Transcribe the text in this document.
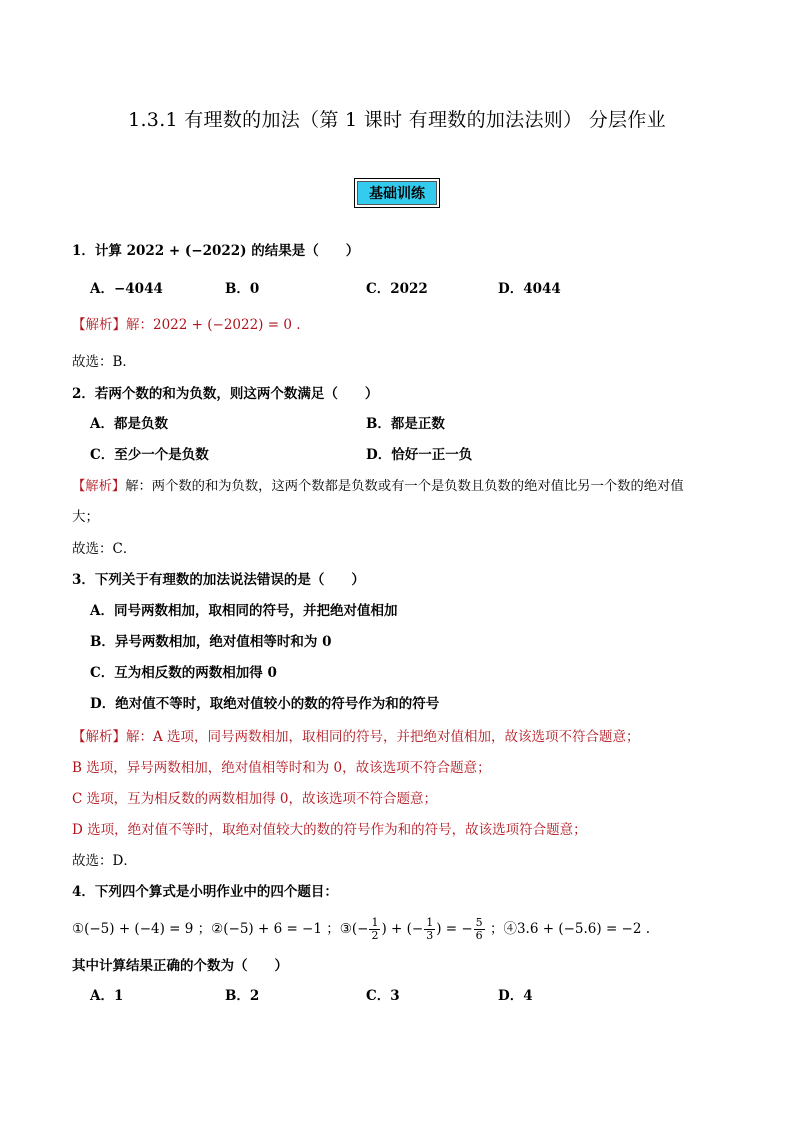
1.3.1 有理数的加法（第 1 课时 有理数的加法法则） 分层作业
基础训练
1．计算 2022 + (−2022) 的结果是（　　）
A．−4044	B．0	C．2022	D．4044
【解析】解：2022 + (−2022) = 0 .
故选：B．
2．若两个数的和为负数，则这两个数满足（　　）
A．都是负数	B．都是正数
C．至少一个是负数	D．恰好一正一负
【解析】解：两个数的和为负数，这两个数都是负数或有一个是负数且负数的绝对值比另一个数的绝对值
大；
故选：C．
3．下列关于有理数的加法说法错误的是（　　）
A．同号两数相加，取相同的符号，并把绝对值相加
B．异号两数相加，绝对值相等时和为 0
C．互为相反数的两数相加得 0
D．绝对值不等时，取绝对值较小的数的符号作为和的符号
【解析】解：A 选项，同号两数相加，取相同的符号，并把绝对值相加，故该选项不符合题意；
B 选项，异号两数相加，绝对值相等时和为 0，故该选项不符合题意；
C 选项，互为相反数的两数相加得 0，故该选项不符合题意；
D 选项，绝对值不等时，取绝对值较大的数的符号作为和的符号，故该选项符合题意；
故选：D．
4．下列四个算式是小明作业中的四个题目：
①(−5) + (−4) = 9 ；②(−5) + 6 = −1 ；③(− $\frac{1}{2}$ ) + (− $\frac{1}{3}$ ) = − $\frac{5}{6}$ ；④3.6 + (−5.6) = −2 .
其中计算结果正确的个数为（　　）
A．1	B．2	C．3	D．4
